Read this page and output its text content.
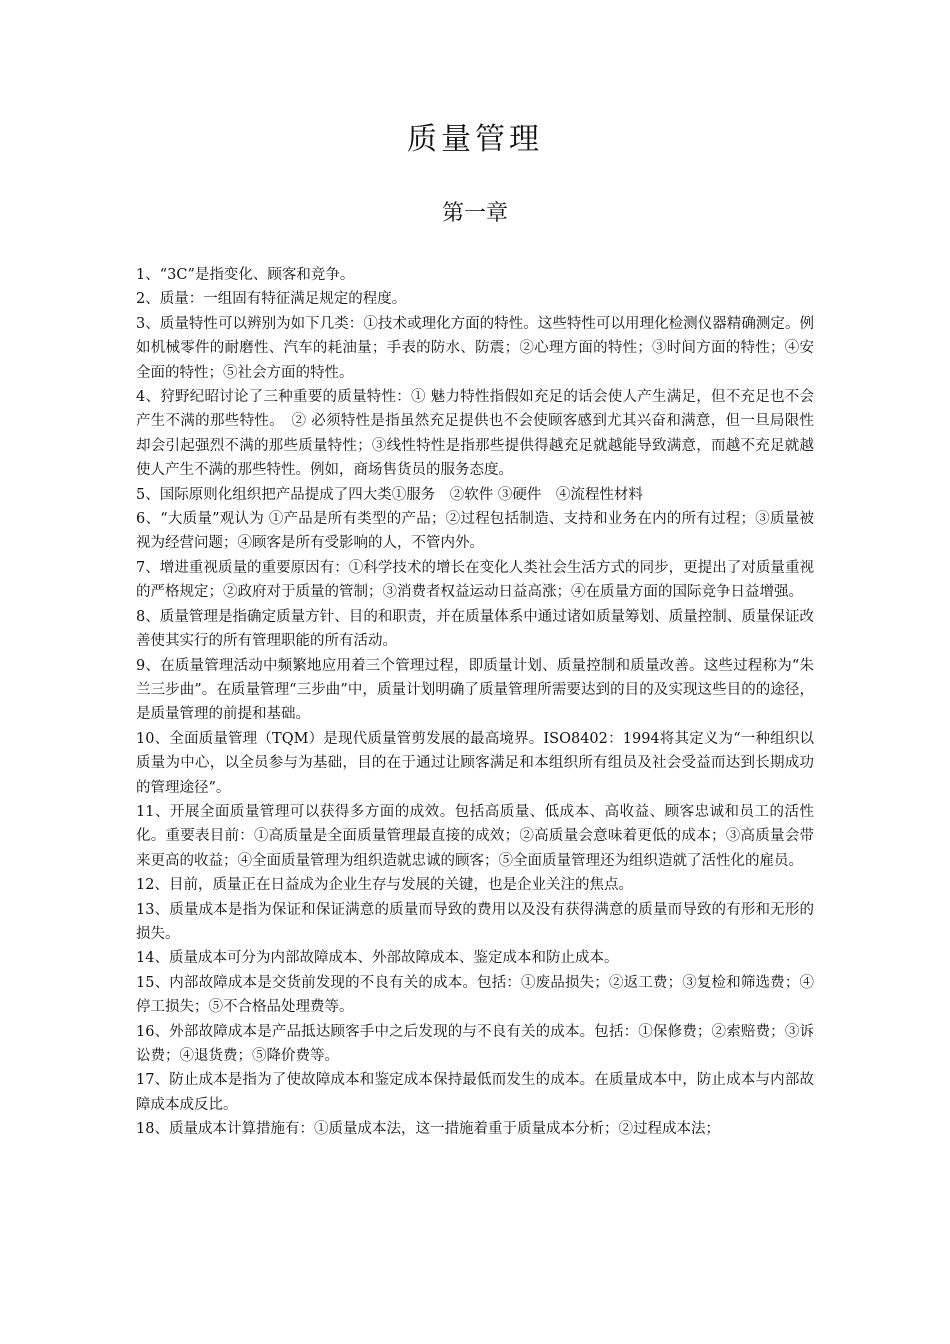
质量管理
第一章

1、“3C”是指变化、顾客和竞争。

2、质量：一组固有特征满足规定的程度。

3、质量特性可以辨别为如下几类：①技术或理化方面的特性。这些特性可以用理化检测仪器精确测定。例如机械零件的耐磨性、汽车的耗油量；手表的防水、防震；②心理方面的特性；③时间方面的特性；④安全面的特性；⑤社会方面的特性。

4、狩野纪昭讨论了三种重要的质量特性：① 魅力特性指假如充足的话会使人产生满足，但不充足也不会产生不满的那些特性。　② 必须特性是指虽然充足提供也不会使顾客感到尤其兴奋和满意，但一旦局限性却会引起强烈不满的那些质量特性；③线性特性是指那些提供得越充足就越能导致满意，而越不充足就越使人产生不满的那些特性。例如，商场售货员的服务态度。

5、国际原则化组织把产品提成了四大类①服务　②软件 ③硬件　④流程性材料

6、“大质量”观认为 ①产品是所有类型的产品；②过程包括制造、支持和业务在内的所有过程；③质量被视为经营问题；④顾客是所有受影响的人，不管内外。

7、增进重视质量的重要原因有：①科学技术的增长在变化人类社会生活方式的同步，更提出了对质量重视的严格规定；②政府对于质量的管制；③消费者权益运动日益高涨；④在质量方面的国际竞争日益增强。

8、质量管理是指确定质量方针、目的和职责，并在质量体系中通过诸如质量筹划、质量控制、质量保证改善使其实行的所有管理职能的所有活动。

9、在质量管理活动中频繁地应用着三个管理过程，即质量计划、质量控制和质量改善。这些过程称为“朱兰三步曲”。在质量管理“三步曲”中，质量计划明确了质量管理所需要达到的目的及实现这些目的的途径，是质量管理的前提和基础。

10、全面质量管理（TQM）是现代质量管剪发展的最高境界。ISO8402：1994将其定义为“一种组织以质量为中心，以全员参与为基础，目的在于通过让顾客满足和本组织所有组员及社会受益而达到长期成功的管理途径”。

11、开展全面质量管理可以获得多方面的成效。包括高质量、低成本、高收益、顾客忠诚和员工的活性化。重要表目前：①高质量是全面质量管理最直接的成效；②高质量会意味着更低的成本；③高质量会带来更高的收益；④全面质量管理为组织造就忠诚的顾客；⑤全面质量管理还为组织造就了活性化的雇员。

12、目前，质量正在日益成为企业生存与发展的关键，也是企业关注的焦点。

13、质量成本是指为保证和保证满意的质量而导致的费用以及没有获得满意的质量而导致的有形和无形的损失。

14、质量成本可分为内部故障成本、外部故障成本、鉴定成本和防止成本。

15、内部故障成本是交货前发现的不良有关的成本。包括：①废品损失；②返工费；③复检和筛选费；④停工损失；⑤不合格品处理费等。

16、外部故障成本是产品抵达顾客手中之后发现的与不良有关的成本。包括：①保修费；②索赔费；③诉讼费；④退货费；⑤降价费等。

17、防止成本是指为了使故障成本和鉴定成本保持最低而发生的成本。在质量成本中，防止成本与内部故障成本成反比。

18、质量成本计算措施有：①质量成本法，这一措施着重于质量成本分析；②过程成本法；
